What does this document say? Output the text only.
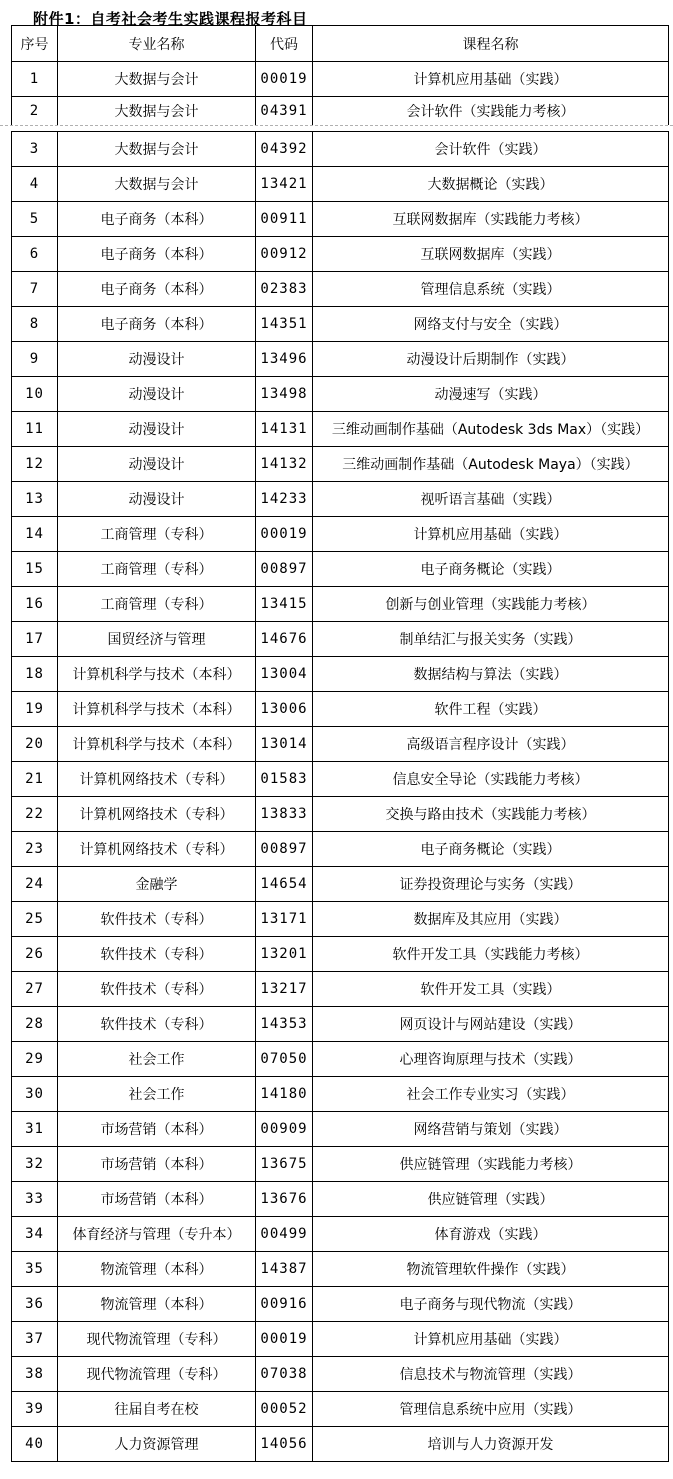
附件1：自考社会考生实践课程报考科目
序号	专业名称	代码	课程名称
1	大数据与会计	00019	计算机应用基础（实践）
2	大数据与会计	04391	会计软件（实践能力考核）
3	大数据与会计	04392	会计软件（实践）
4	大数据与会计	13421	大数据概论（实践）
5	电子商务（本科）	00911	互联网数据库（实践能力考核）
6	电子商务（本科）	00912	互联网数据库（实践）
7	电子商务（本科）	02383	管理信息系统（实践）
8	电子商务（本科）	14351	网络支付与安全（实践）
9	动漫设计	13496	动漫设计后期制作（实践）
10	动漫设计	13498	动漫速写（实践）
11	动漫设计	14131	三维动画制作基础（Autodesk 3ds Max）（实践）
12	动漫设计	14132	三维动画制作基础（Autodesk Maya）（实践）
13	动漫设计	14233	视听语言基础（实践）
14	工商管理（专科）	00019	计算机应用基础（实践）
15	工商管理（专科）	00897	电子商务概论（实践）
16	工商管理（专科）	13415	创新与创业管理（实践能力考核）
17	国贸经济与管理	14676	制单结汇与报关实务（实践）
18	计算机科学与技术（本科）	13004	数据结构与算法（实践）
19	计算机科学与技术（本科）	13006	软件工程（实践）
20	计算机科学与技术（本科）	13014	高级语言程序设计（实践）
21	计算机网络技术（专科）	01583	信息安全导论（实践能力考核）
22	计算机网络技术（专科）	13833	交换与路由技术（实践能力考核）
23	计算机网络技术（专科）	00897	电子商务概论（实践）
24	金融学	14654	证券投资理论与实务（实践）
25	软件技术（专科）	13171	数据库及其应用（实践）
26	软件技术（专科）	13201	软件开发工具（实践能力考核）
27	软件技术（专科）	13217	软件开发工具（实践）
28	软件技术（专科）	14353	网页设计与网站建设（实践）
29	社会工作	07050	心理咨询原理与技术（实践）
30	社会工作	14180	社会工作专业实习（实践）
31	市场营销（本科）	00909	网络营销与策划（实践）
32	市场营销（本科）	13675	供应链管理（实践能力考核）
33	市场营销（本科）	13676	供应链管理（实践）
34	体育经济与管理（专升本）	00499	体育游戏（实践）
35	物流管理（本科）	14387	物流管理软件操作（实践）
36	物流管理（本科）	00916	电子商务与现代物流（实践）
37	现代物流管理（专科）	00019	计算机应用基础（实践）
38	现代物流管理（专科）	07038	信息技术与物流管理（实践）
39	往届自考在校	00052	管理信息系统中应用（实践）
40	人力资源管理	14056	培训与人力资源开发
